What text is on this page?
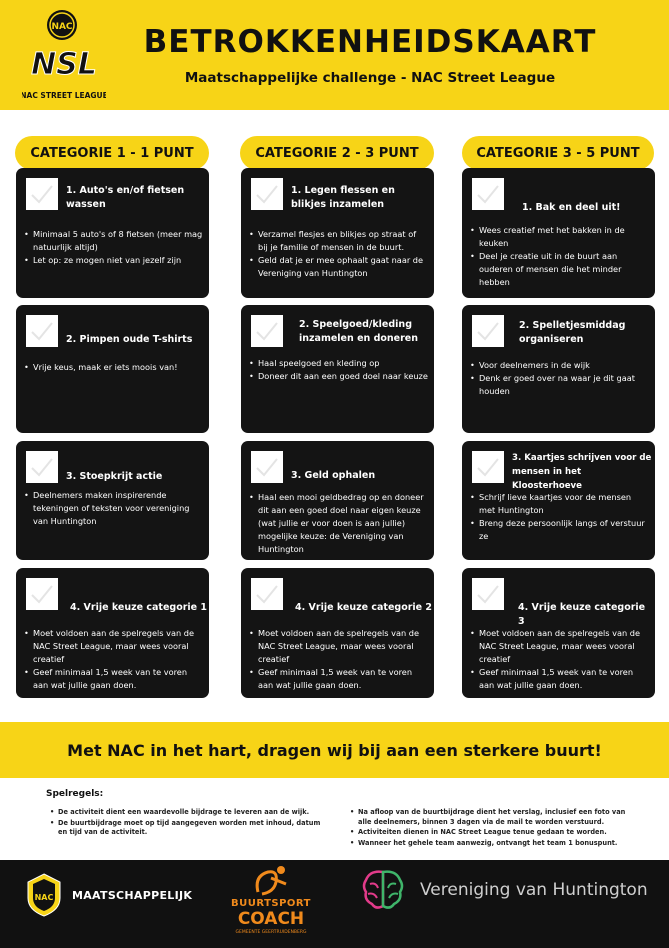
NAC
NSL
NAC STREET LEAGUE
BETROKKENHEIDSKAART
Maatschappelijke challenge - NAC Street League
CATEGORIE 1 - 1 PUNT	CATEGORIE 2 - 3 PUNT	CATEGORIE 3 - 5 PUNT
1. Auto's en/of fietsen wassen
• Minimaal 5 auto's of 8 fietsen (meer mag natuurlijk altijd)
• Let op: ze mogen niet van jezelf zijn
2. Pimpen oude T-shirts
• Vrije keus, maak er iets moois van!
3. Stoepkrijt actie
• Deelnemers maken inspirerende tekeningen of teksten voor vereniging van Huntington
4. Vrije keuze categorie 1
• Moet voldoen aan de spelregels van de NAC Street League, maar wees vooral creatief
• Geef minimaal 1,5 week van te voren aan wat jullie gaan doen.
1. Legen flessen en blikjes inzamelen
• Verzamel flesjes en blikjes op straat of bij je familie of mensen in de buurt.
• Geld dat je er mee ophaalt gaat naar de Vereniging van Huntington
2. Speelgoed/kleding inzamelen en doneren
• Haal speelgoed en kleding op
• Doneer dit aan een goed doel naar keuze
3. Geld ophalen
• Haal een mooi geldbedrag op en doneer dit aan een goed doel naar eigen keuze (wat jullie er voor doen is aan jullie) mogelijke keuze: de Vereniging van Huntington
4. Vrije keuze categorie 2
• Moet voldoen aan de spelregels van de NAC Street League, maar wees vooral creatief
• Geef minimaal 1,5 week van te voren aan wat jullie gaan doen.
1. Bak en deel uit!
• Wees creatief met het bakken in de keuken
• Deel je creatie uit in de buurt aan ouderen of mensen die het minder hebben
2. Spelletjesmiddag organiseren
• Voor deelnemers in de wijk
• Denk er goed over na waar je dit gaat houden
3. Kaartjes schrijven voor de mensen in het Kloosterhoeve
• Schrijf lieve kaartjes voor de mensen met Huntington
• Breng deze persoonlijk langs of verstuur ze
4. Vrije keuze categorie 3
• Moet voldoen aan de spelregels van de NAC Street League, maar wees vooral creatief
• Geef minimaal 1,5 week van te voren aan wat jullie gaan doen.
Met NAC in het hart, dragen wij bij aan een sterkere buurt!
Spelregels:
• De activiteit dient een waardevolle bijdrage te leveren aan de wijk.
• De buurtbijdrage moet op tijd aangegeven worden met inhoud, datum en tijd van de activiteit.
• Na afloop van de buurtbijdrage dient het verslag, inclusief een foto van alle deelnemers, binnen 3 dagen via de mail te worden verstuurd.
• Activiteiten dienen in NAC Street League tenue gedaan te worden.
• Wanneer het gehele team aanwezig, ontvangt het team 1 bonuspunt.
NAC MAATSCHAPPELIJK
BUURTSPORT
COACH
GEMEENTE GEERTRUIDENBERG
Vereniging van Huntington
